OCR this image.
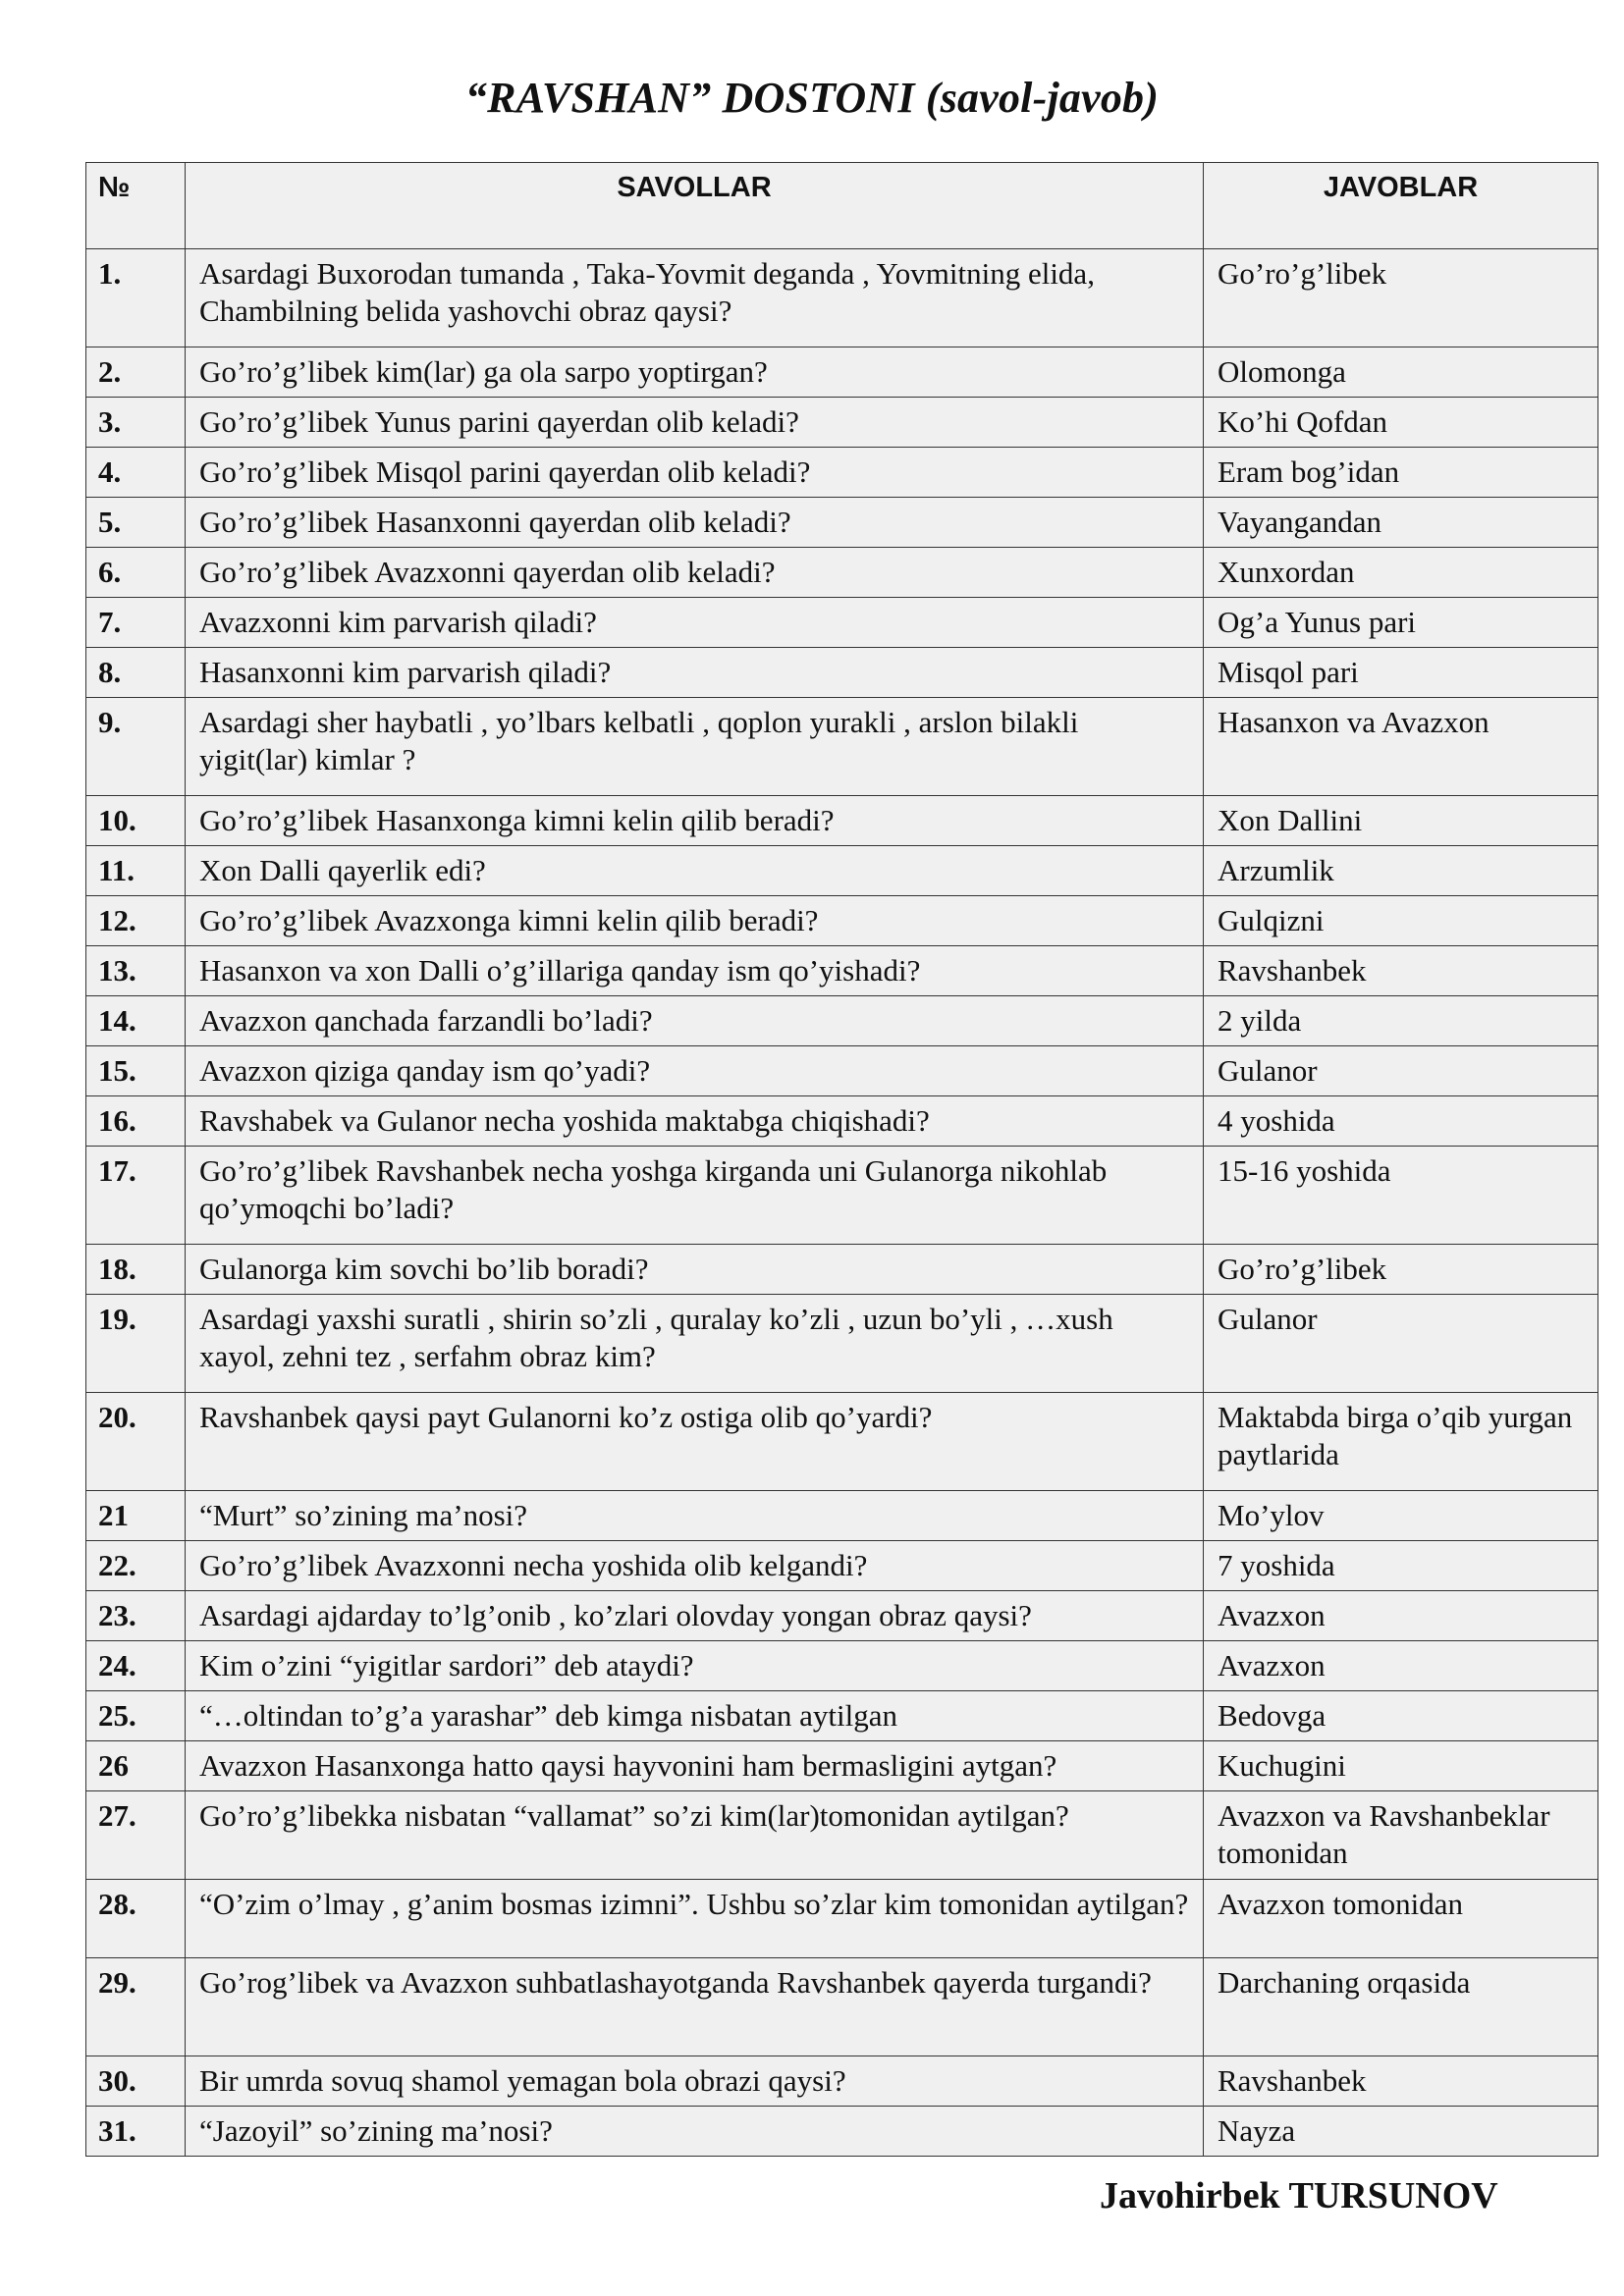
“RAVSHAN” DOSTONI (savol-javob)
№	SAVOLLAR	JAVOBLAR
1.	Asardagi Buxorodan tumanda , Taka-Yovmit deganda , Yovmitning elida, Chambilning belida yashovchi obraz qaysi?	Go’ro’g’libek
2.	Go’ro’g’libek kim(lar) ga ola sarpo yoptirgan?	Olomonga
3.	Go’ro’g’libek Yunus parini qayerdan olib keladi?	Ko’hi Qofdan
4.	Go’ro’g’libek Misqol parini qayerdan olib keladi?	Eram bog’idan
5.	Go’ro’g’libek Hasanxonni qayerdan olib keladi?	Vayangandan
6.	Go’ro’g’libek Avazxonni qayerdan olib keladi?	Xunxordan
7.	Avazxonni kim parvarish qiladi?	Og’a Yunus pari
8.	Hasanxonni kim parvarish qiladi?	Misqol pari
9.	Asardagi sher haybatli , yo’lbars kelbatli , qoplon yurakli , arslon bilakli yigit(lar) kimlar ?	Hasanxon va Avazxon
10.	Go’ro’g’libek Hasanxonga kimni kelin qilib beradi?	Xon Dallini
11.	Xon Dalli qayerlik edi?	Arzumlik
12.	Go’ro’g’libek Avazxonga kimni kelin qilib beradi?	Gulqizni
13.	Hasanxon va xon Dalli o’g’illariga qanday ism qo’yishadi?	Ravshanbek
14.	Avazxon qanchada farzandli bo’ladi?	2 yilda
15.	Avazxon qiziga qanday ism qo’yadi?	Gulanor
16.	Ravshabek va Gulanor necha yoshida maktabga chiqishadi?	4 yoshida
17.	Go’ro’g’libek Ravshanbek necha yoshga kirganda uni Gulanorga nikohlab qo’ymoqchi bo’ladi?	15-16 yoshida
18.	Gulanorga kim sovchi bo’lib boradi?	Go’ro’g’libek
19.	Asardagi yaxshi suratli , shirin so’zli , quralay ko’zli , uzun bo’yli , …xush xayol, zehni tez , serfahm obraz kim?	Gulanor
20.	Ravshanbek qaysi payt Gulanorni ko’z ostiga olib qo’yardi?	Maktabda birga o’qib yurgan paytlarida
21	“Murt” so’zining ma’nosi?	Mo’ylov
22.	Go’ro’g’libek Avazxonni necha yoshida olib kelgandi?	7 yoshida
23.	Asardagi ajdarday to’lg’onib , ko’zlari olovday yongan obraz qaysi?	Avazxon
24.	Kim o’zini “yigitlar sardori” deb ataydi?	Avazxon
25.	“…oltindan to’g’a yarashar” deb kimga nisbatan aytilgan	Bedovga
26	Avazxon Hasanxonga hatto qaysi hayvonini ham bermasligini aytgan?	Kuchugini
27.	Go’ro’g’libekka nisbatan “vallamat” so’zi kim(lar)tomonidan aytilgan?	Avazxon va Ravshanbeklar tomonidan
28.	“O’zim o’lmay , g’anim bosmas izimni”. Ushbu so’zlar kim tomonidan aytilgan?	Avazxon tomonidan
29.	Go’rog’libek va Avazxon suhbatlashayotganda Ravshanbek qayerda turgandi?	Darchaning orqasida
30.	Bir umrda sovuq shamol yemagan bola obrazi qaysi?	Ravshanbek
31.	“Jazoyil” so’zining ma’nosi?	Nayza
Javohirbek TURSUNOV
